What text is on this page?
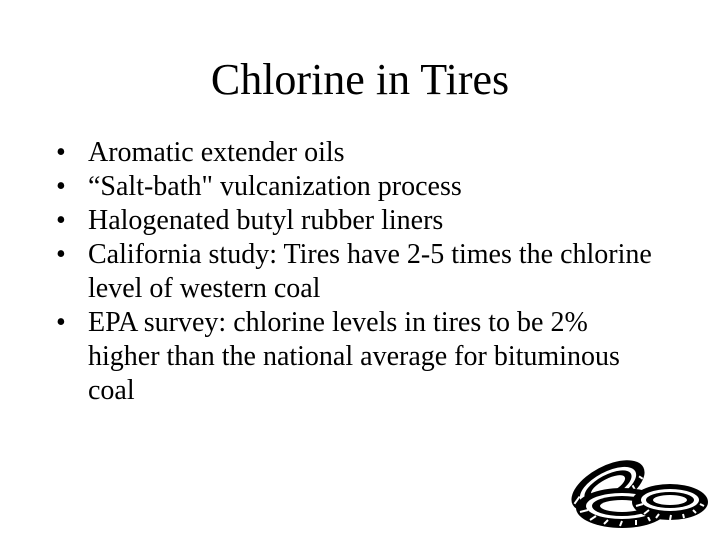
Chlorine in Tires
• Aromatic extender oils
• “Salt-bath" vulcanization process
• Halogenated butyl rubber liners
• California study: Tires have 2-5 times the chlorine level of western coal
• EPA survey: chlorine levels in tires to be 2% higher than the national average for bituminous coal
